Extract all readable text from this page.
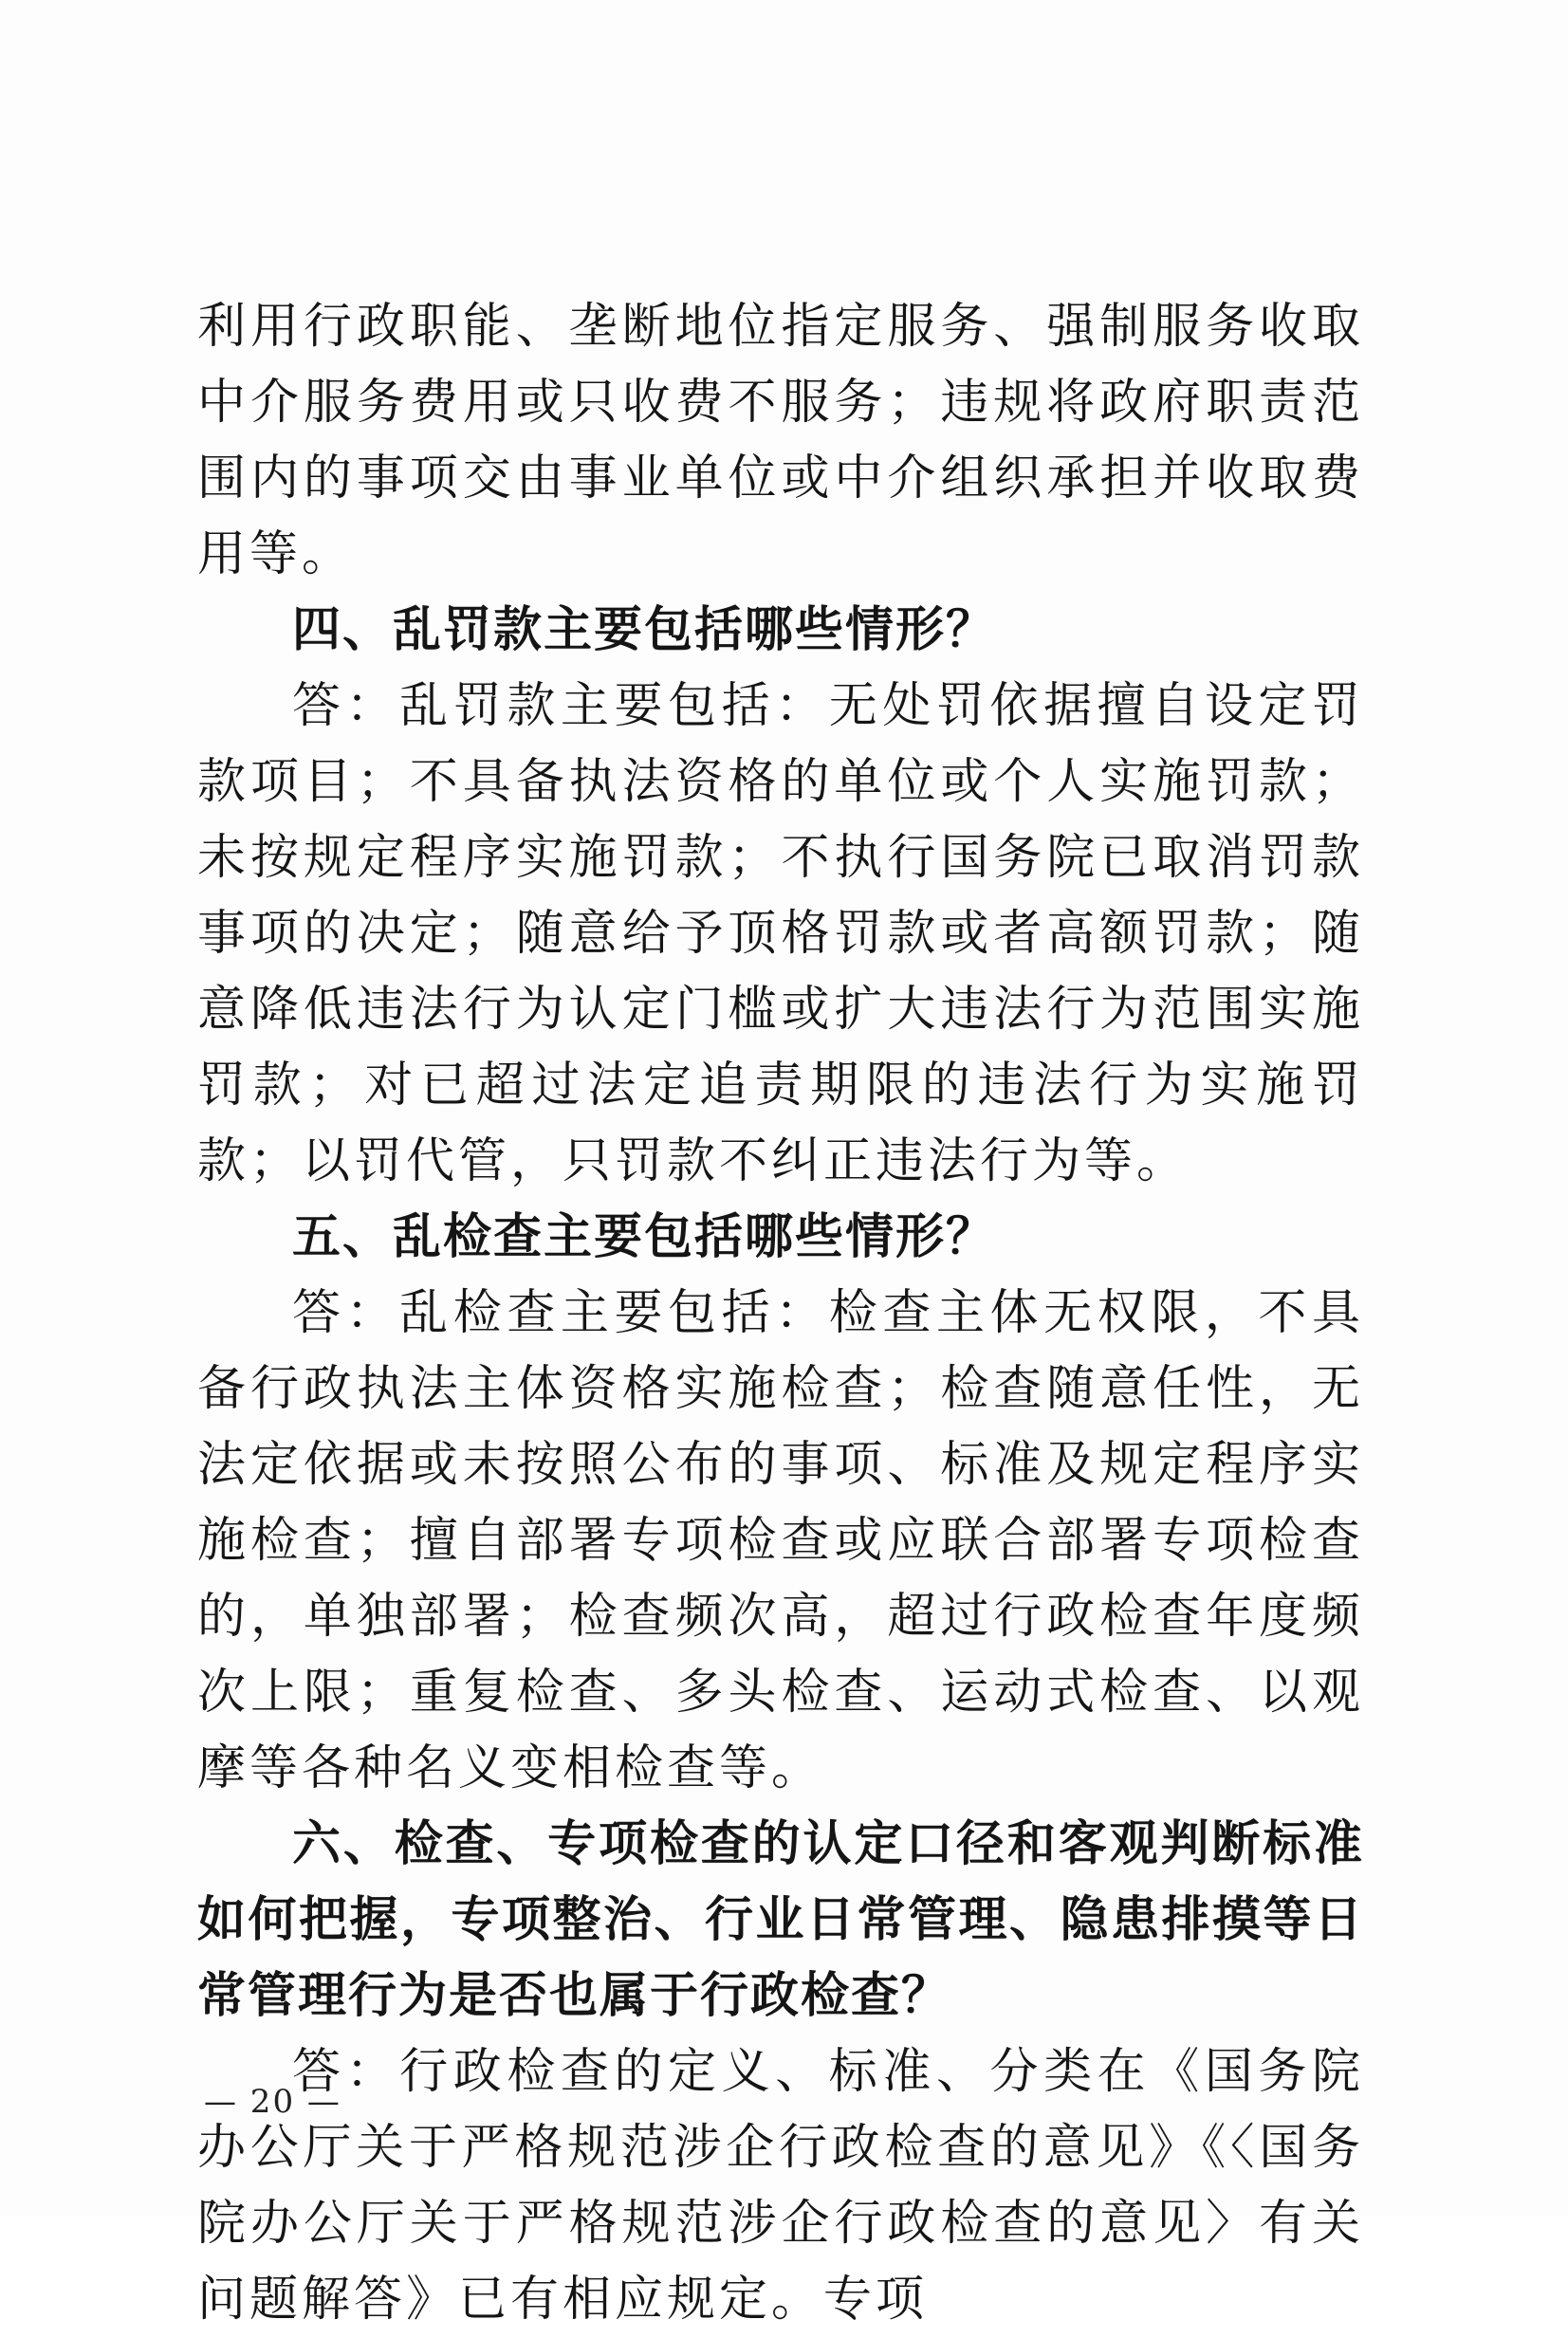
利用行政职能、垄断地位指定服务、强制服务收取中介服务费用或只收费不服务；违规将政府职责范围内的事项交由事业单位或中介组织承担并收取费用等。

四、乱罚款主要包括哪些情形？

答：乱罚款主要包括：无处罚依据擅自设定罚款项目；不具备执法资格的单位或个人实施罚款；未按规定程序实施罚款；不执行国务院已取消罚款事项的决定；随意给予顶格罚款或者高额罚款；随意降低违法行为认定门槛或扩大违法行为范围实施罚款；对已超过法定追责期限的违法行为实施罚款；以罚代管，只罚款不纠正违法行为等。

五、乱检查主要包括哪些情形？

答：乱检查主要包括：检查主体无权限，不具备行政执法主体资格实施检查；检查随意任性，无法定依据或未按照公布的事项、标准及规定程序实施检查；擅自部署专项检查或应联合部署专项检查的，单独部署；检查频次高，超过行政检查年度频次上限；重复检查、多头检查、运动式检查、以观摩等各种名义变相检查等。

六、检查、专项检查的认定口径和客观判断标准如何把握，专项整治、行业日常管理、隐患排摸等日常管理行为是否也属于行政检查？

答：行政检查的定义、标准、分类在《国务院办公厅关于严格规范涉企行政检查的意见》《〈国务院办公厅关于严格规范涉企行政检查的意见〉有关问题解答》已有相应规定。专项

— 20 —
